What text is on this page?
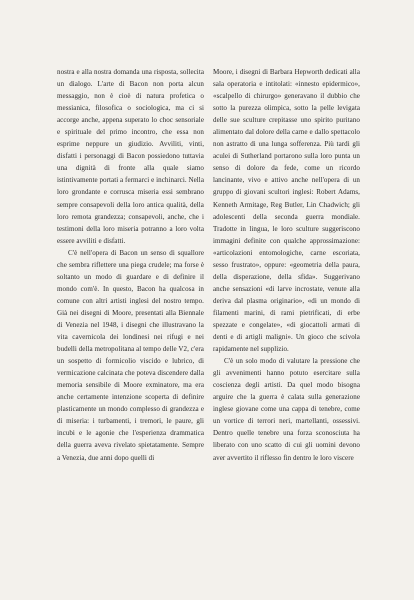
nostra e alla nostra domanda una risposta, sollecita un dialogo. L'arte di Bacon non porta alcun messaggio, non è cioè di natura profetica o messianica, filosofica o sociologica, ma ci si accorge anche, appena superato lo choc sensoriale e spirituale del primo incontro, che essa non esprime neppure un giudizio. Avviliti, vinti, disfatti i personaggi di Bacon possiedono tuttavia una dignità di fronte alla quale siamo istintivamente portati a fermarci e inchinarci. Nella loro grondante e corrusca miseria essi sembrano sempre consapevoli della loro antica qualità, della loro remota grandezza; consapevoli, anche, che i testimoni della loro miseria potranno a loro volta essere avviliti e disfatti.

C'è nell'opera di Bacon un senso di squallore che sembra riflettere una piega crudele; ma forse è soltanto un modo di guardare e di definire il mondo com'è. In questo, Bacon ha qualcosa in comune con altri artisti inglesi del nostro tempo. Già nei disegni di Moore, presentati alla Biennale di Venezia nel 1948, i disegni che illustravano la vita cavernicola dei londinesi nei rifugi e nei budelli della metropolitana al tempo delle V2, c'era un sospetto di formicolio viscido e lubrico, di vermicazione calcinata che poteva discendere dalla memoria sensibile di Moore exminatore, ma era anche certamente intenzione scoperta di definire plasticamente un mondo complesso di grandezza e di miseria: i turbamenti, i tremori, le paure, gli incubi e le agonie che l'esperienza drammatica della guerra aveva rivelato spietatamente. Sempre a Venezia, due anni dopo quelli di

Moore, i disegni di Barbara Hepworth dedicati alla sala operatoria e intitolati: «innesto epidermico», «scalpello di chirurgo» generavano il dubbio che sotto la purezza olimpica, sotto la pelle levigata delle sue sculture crepitasse uno spirito puritano alimentato dal dolore della carne e dallo spettacolo non astratto di una lunga sofferenza. Più tardi gli aculei di Sutherland portarono sulla loro punta un senso di dolore da fede, come un ricordo lancinante, vivo e attivo anche nell'opera di un gruppo di giovani scultori inglesi: Robert Adams, Kenneth Armitage, Reg Butler, Lin Chadwich; gli adolescenti della seconda guerra mondiale. Tradotte in lingua, le loro sculture suggeriscono immagini definite con qualche approssimazione: «articolazioni entomologiche, carne escoriata, sesso frustrato», oppure: «geometria della paura, della disperazione, della sfida». Suggerivano anche sensazioni «di larve incrostate, venute alla deriva dal plasma originario», «di un mondo di filamenti marini, di rami pietrificati, di erbe spezzate e congelate», «di giocattoli armati di denti e di artigli maligni». Un gioco che scivola rapidamente nel supplizio.

C'è un solo modo di valutare la pressione che gli avvenimenti hanno potuto esercitare sulla coscienza degli artisti. Da quel modo bisogna arguire che la guerra è calata sulla generazione inglese giovane come una cappa di tenebre, come un vortice di terrori neri, martellanti, ossessivi. Dentro quelle tenebre una forza sconosciuta ha liberato con uno scatto di cui gli uomini devono aver avvertito il riflesso fin dentro le loro viscere
